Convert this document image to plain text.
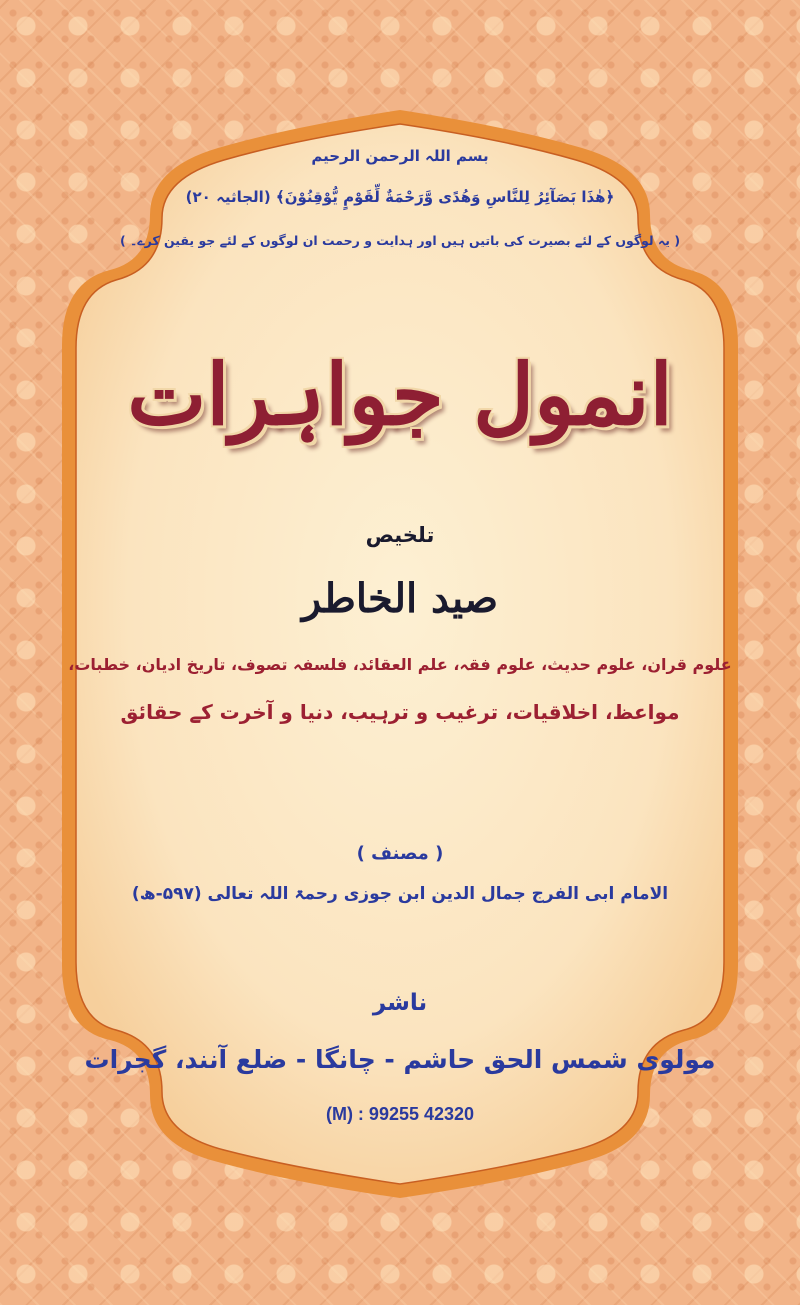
بسم اللہ الرحمن الرحیم

﴿هٰذَا بَصَآئِرُ لِلنَّاسِ وَهُدًى وَّرَحْمَةٌ لِّقَوْمٍ يُّوْقِنُوْنَ﴾ (الجاثیہ ۲۰)

( یہ لوگوں کے لئے بصیرت کی باتیں ہیں اور ہدایت و رحمت ان لوگوں کے لئے جو یقین کرے۔ )

انمول جواہرات

تلخیص

صید الخاطر

علوم قران، علوم حدیث، علوم فقہ، علم العقائد، فلسفہ تصوف، تاریخ ادیان، خطبات،

مواعظ، اخلاقیات، ترغیب و ترہیب، دنیا و آخرت کے حقائق

( مصنف )

الامام ابی الفرج جمال الدین ابن جوزی رحمۃ اللہ تعالی (۵۹۷-ھ)

ناشر

مولوی شمس الحق حاشم - چانگا - ضلع آنند، گجرات

(M) : 99255 42320
